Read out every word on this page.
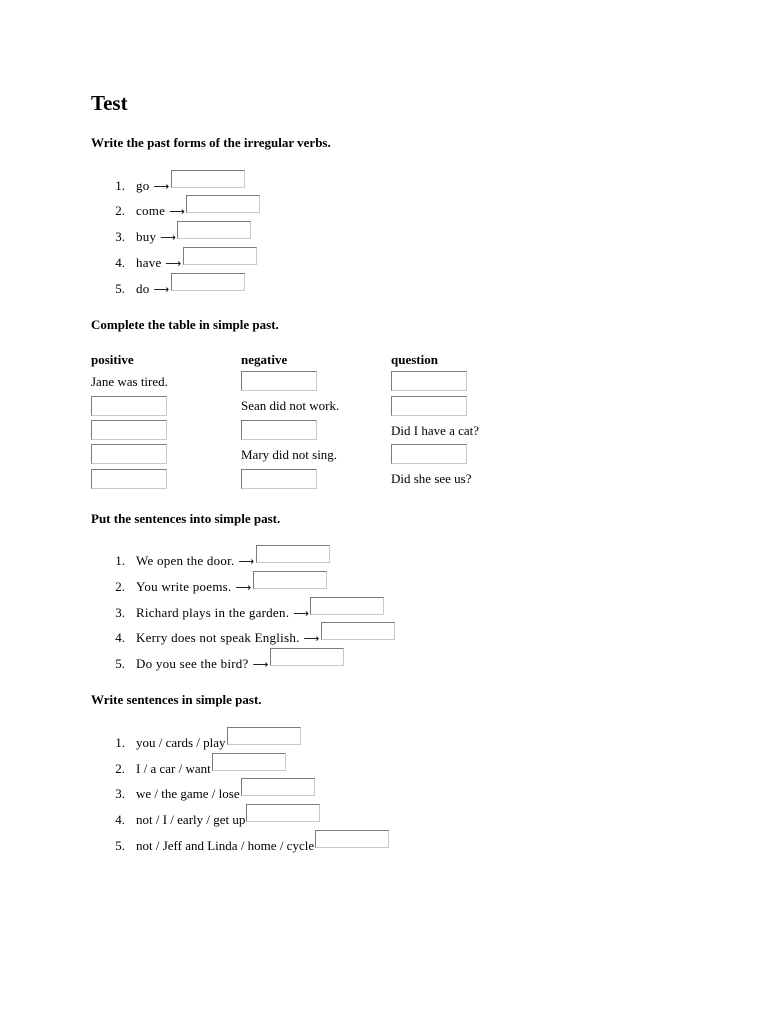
Test

Write the past forms of the irregular verbs.

1. go ⟶
2. come ⟶
3. buy ⟶
4. have ⟶
5. do ⟶

Complete the table in simple past.

positive	negative	question
Jane was tired.
Sean did not work.
Did I have a cat?
Mary did not sing.
Did she see us?

Put the sentences into simple past.

1. We open the door. ⟶
2. You write poems. ⟶
3. Richard plays in the garden. ⟶
4. Kerry does not speak English. ⟶
5. Do you see the bird? ⟶

Write sentences in simple past.

1. you / cards / play
2. I / a car / want
3. we / the game / lose
4. not / I / early / get up
5. not / Jeff and Linda / home / cycle
